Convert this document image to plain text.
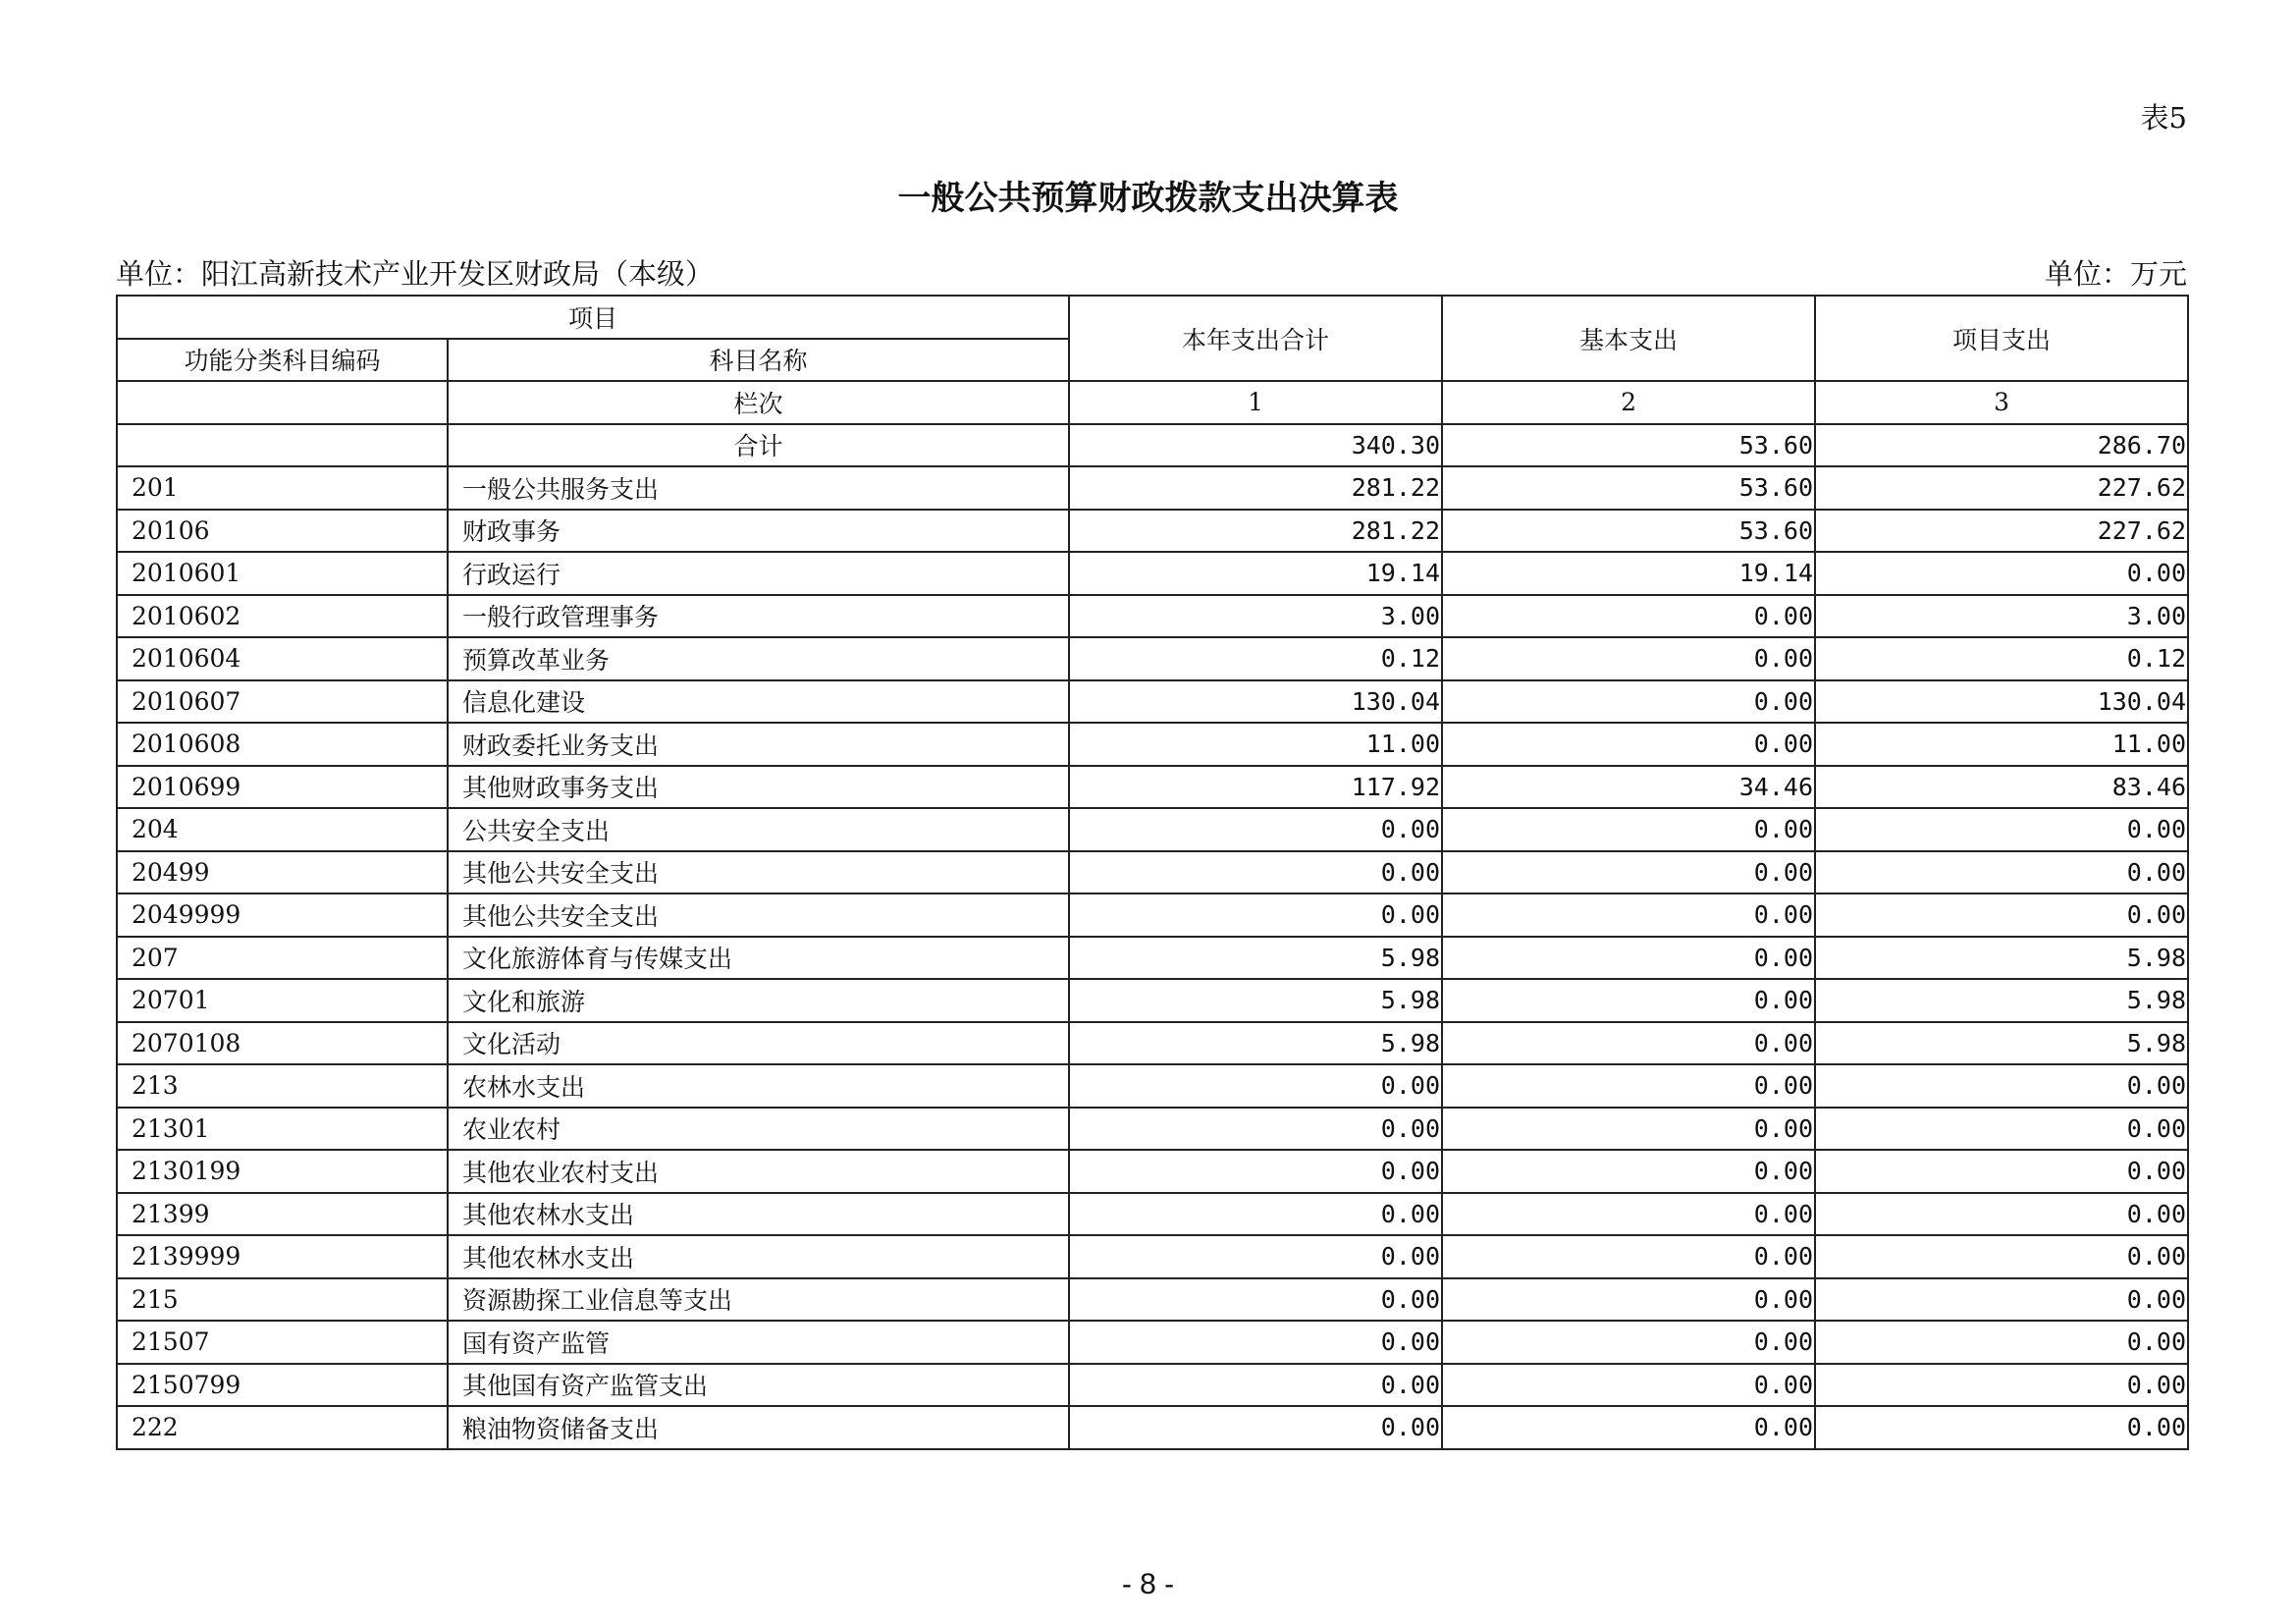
表5
一般公共预算财政拨款支出决算表
单位：阳江高新技术产业开发区财政局（本级）	单位：万元
项目		本年支出合计	基本支出	项目支出
功能分类科目编码	科目名称			
	栏次	1	2	3
	合计	340.30	53.60	286.70
201	一般公共服务支出	281.22	53.60	227.62
20106	财政事务	281.22	53.60	227.62
2010601	行政运行	19.14	19.14	0.00
2010602	一般行政管理事务	3.00	0.00	3.00
2010604	预算改革业务	0.12	0.00	0.12
2010607	信息化建设	130.04	0.00	130.04
2010608	财政委托业务支出	11.00	0.00	11.00
2010699	其他财政事务支出	117.92	34.46	83.46
204	公共安全支出	0.00	0.00	0.00
20499	其他公共安全支出	0.00	0.00	0.00
2049999	其他公共安全支出	0.00	0.00	0.00
207	文化旅游体育与传媒支出	5.98	0.00	5.98
20701	文化和旅游	5.98	0.00	5.98
2070108	文化活动	5.98	0.00	5.98
213	农林水支出	0.00	0.00	0.00
21301	农业农村	0.00	0.00	0.00
2130199	其他农业农村支出	0.00	0.00	0.00
21399	其他农林水支出	0.00	0.00	0.00
2139999	其他农林水支出	0.00	0.00	0.00
215	资源勘探工业信息等支出	0.00	0.00	0.00
21507	国有资产监管	0.00	0.00	0.00
2150799	其他国有资产监管支出	0.00	0.00	0.00
222	粮油物资储备支出	0.00	0.00	0.00
- 8 -
